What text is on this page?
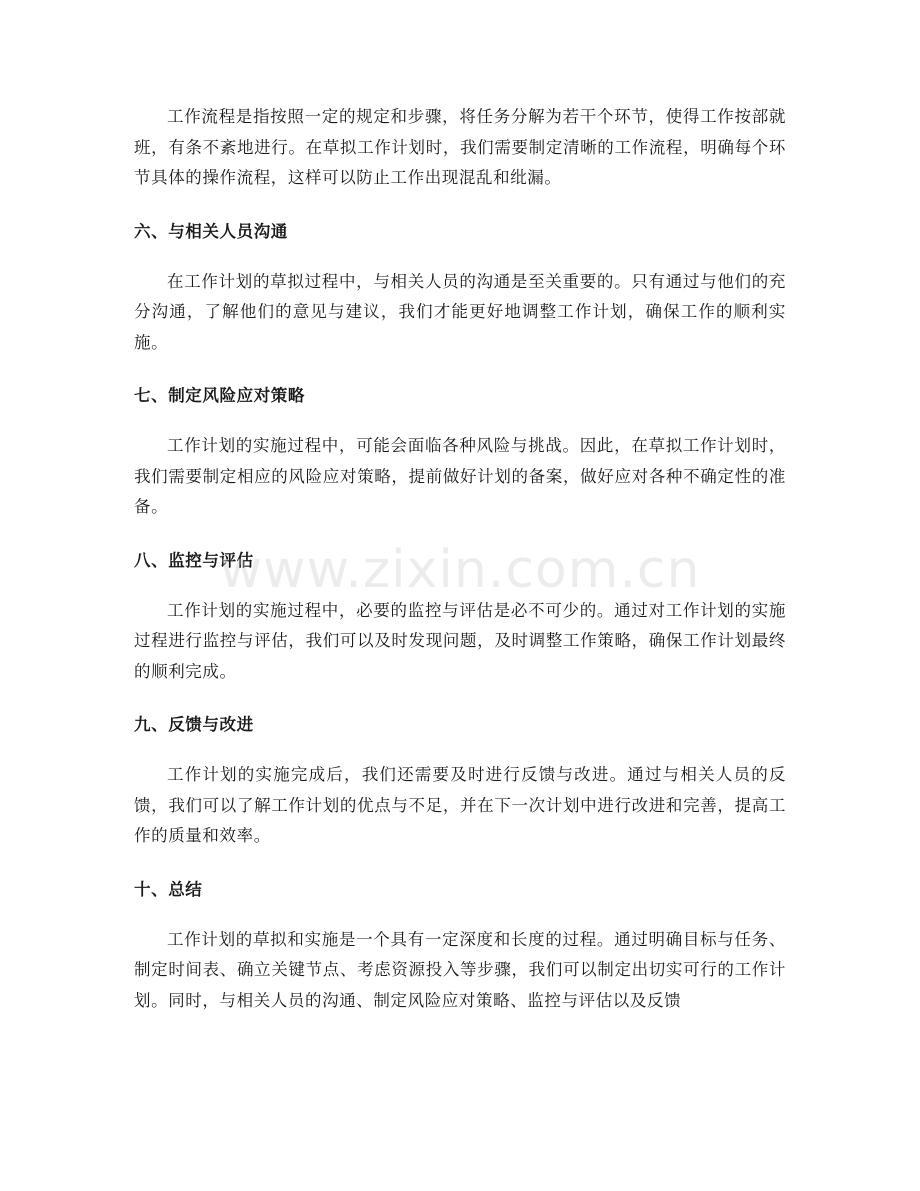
工作流程是指按照一定的规定和步骤，将任务分解为若干个环节，使得工作按部就班，有条不紊地进行。在草拟工作计划时，我们需要制定清晰的工作流程，明确每个环节具体的操作流程，这样可以防止工作出现混乱和纰漏。

六、与相关人员沟通

在工作计划的草拟过程中，与相关人员的沟通是至关重要的。只有通过与他们的充分沟通，了解他们的意见与建议，我们才能更好地调整工作计划，确保工作的顺利实施。

七、制定风险应对策略

工作计划的实施过程中，可能会面临各种风险与挑战。因此，在草拟工作计划时，我们需要制定相应的风险应对策略，提前做好计划的备案，做好应对各种不确定性的准备。

八、监控与评估

工作计划的实施过程中，必要的监控与评估是必不可少的。通过对工作计划的实施过程进行监控与评估，我们可以及时发现问题，及时调整工作策略，确保工作计划最终的顺利完成。

九、反馈与改进

工作计划的实施完成后，我们还需要及时进行反馈与改进。通过与相关人员的反馈，我们可以了解工作计划的优点与不足，并在下一次计划中进行改进和完善，提高工作的质量和效率。

十、总结

工作计划的草拟和实施是一个具有一定深度和长度的过程。通过明确目标与任务、制定时间表、确立关键节点、考虑资源投入等步骤，我们可以制定出切实可行的工作计划。同时，与相关人员的沟通、制定风险应对策略、监控与评估以及反馈

www.zixin.com.cn
